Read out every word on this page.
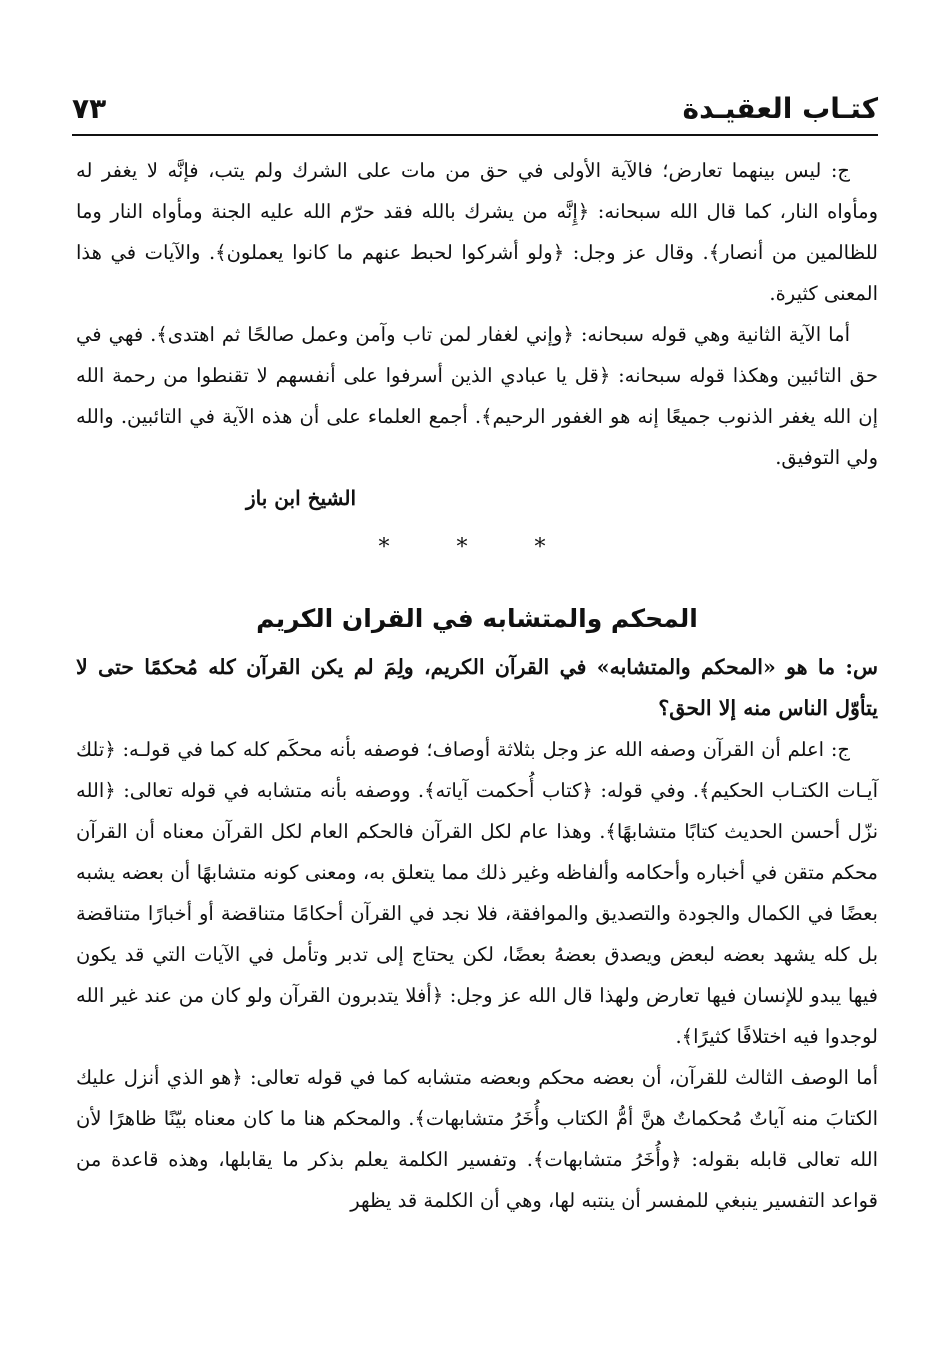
كتـاب العقيـدة
٧٣

ج: ليس بينهما تعارض؛ فالآية الأولى في حق من مات على الشرك ولم يتب، فإنَّه لا يغفر له ومأواه النار، كما قال الله سبحانه: ﴿إِنَّه من يشرك بالله فقد حرّم الله عليه الجنة ومأواه النار وما للظالمين من أنصار﴾. وقال عز وجل: ﴿ولو أشركوا لحبط عنهم ما كانوا يعملون﴾. والآيات في هذا المعنى كثيرة.

أما الآية الثانية وهي قوله سبحانه: ﴿وإني لغفار لمن تاب وآمن وعمل صالحًا ثم اهتدى﴾. فهي في حق التائبين وهكذا قوله سبحانه: ﴿قل يا عبادي الذين أسرفوا على أنفسهم لا تقنطوا من رحمة الله إن الله يغفر الذنوب جميعًا إنه هو الغفور الرحيم﴾. أجمع العلماء على أن هذه الآية في التائبين. والله ولي التوفيق.

الشيخ ابن باز

* * *
المحكم والمتشابه في القران الكريم

س: ما هو «المحكم والمتشابه» في القرآن الكريم، ولِمَ لم يكن القرآن كله مُحكمًا حتى لا يتأوّل الناس منه إلا الحق؟

ج: اعلم أن القرآن وصفه الله عز وجل بثلاثة أوصاف؛ فوصفه بأنه محكَم كله كما في قولـه: ﴿تلك آيـات الكتـاب الحكيم﴾. وفي قوله: ﴿كتاب أُحكمت آياته﴾. ووصفه بأنه متشابه في قوله تعالى: ﴿الله نزّل أحسن الحديث كتابًا متشابهًا﴾. وهذا عام لكل القرآن فالحكم العام لكل القرآن معناه أن القرآن محكم متقن في أخباره وأحكامه وألفاظه وغير ذلك مما يتعلق به، ومعنى كونه متشابهًا أن بعضه يشبه بعضًا في الكمال والجودة والتصديق والموافقة، فلا نجد في القرآن أحكامًا متناقضة أو أخبارًا متناقضة بل كله يشهد بعضه لبعض ويصدق بعضهُ بعضًا، لكن يحتاج إلى تدبر وتأمل في الآيات التي قد يكون فيها يبدو للإنسان فيها تعارض ولهذا قال الله عز وجل: ﴿أفلا يتدبرون القرآن ولو كان من عند غير الله لوجدوا فيه اختلافًا كثيرًا﴾.

أما الوصف الثالث للقرآن، أن بعضه محكم وبعضه متشابه كما في قوله تعالى: ﴿هو الذي أنزل عليك الكتابَ منه آياتٌ مُحكماتٌ هنَّ أمُّ الكتاب وأُخَرُ متشابهات﴾. والمحكم هنا ما كان معناه بيّنًا ظاهرًا لأن الله تعالى قابله بقوله: ﴿وأُخَرُ متشابهات﴾. وتفسير الكلمة يعلم بذكر ما يقابلها، وهذه قاعدة من قواعد التفسير ينبغي للمفسر أن ينتبه لها، وهي أن الكلمة قد يظهر
